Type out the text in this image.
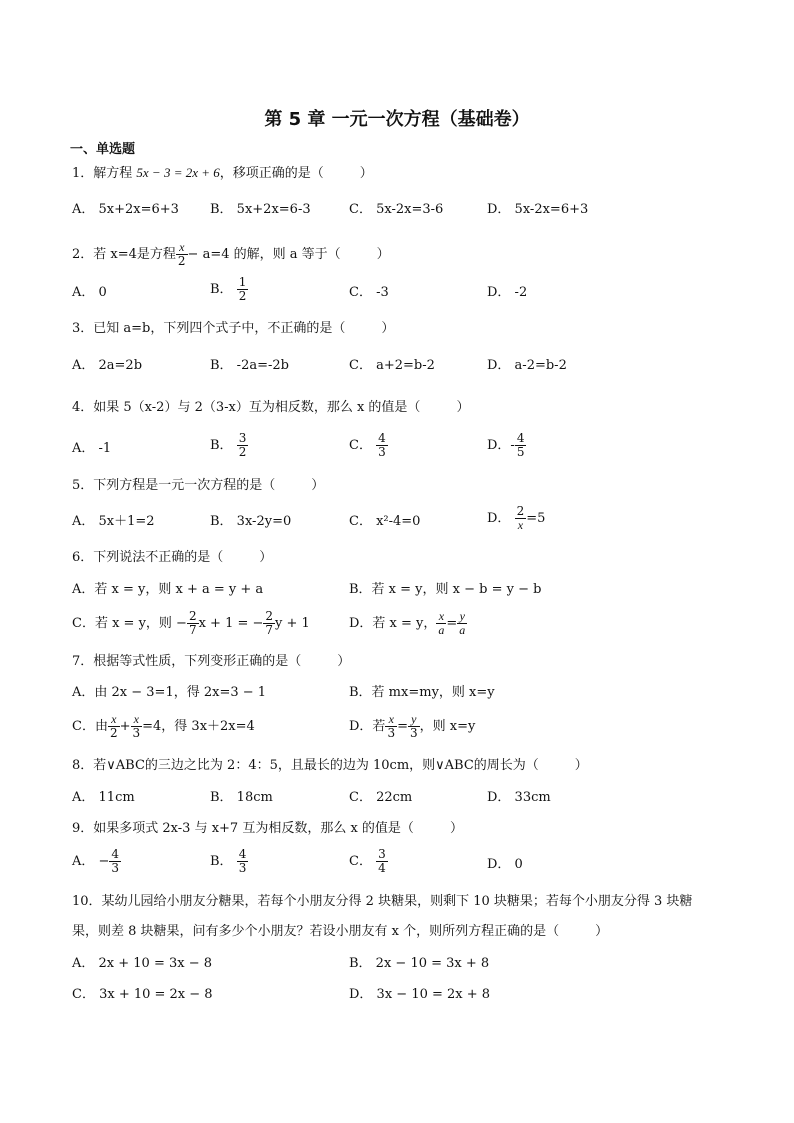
第 5 章 一元一次方程（基础卷）
一、单选题
1．解方程 5x − 3 = 2x + 6，移项正确的是（	）
A． 5x+2x=6+3 B． 5x+2x=6-3	C． 5x-2x=3-6	D． 5x-2x=6+3
2．若 x=4是方程 $\frac{x}{2} - a=4$ 的解，则 a 等于（	）
A． 0	B． $\frac{1}{2}$	C． -3	D． -2
3．已知 a=b，下列四个式子中，不正确的是（	）
A． 2a=2b	B． -2a=-2b	C． a+2=b-2	D． a-2=b-2
4．如果 5（x-2）与 2（3-x）互为相反数，那么 x 的值是（	）
A． -1	B． $\frac{3}{2}$	C． $\frac{4}{3}$	D．- $\frac{4}{5}$
5．下列方程是一元一次方程的是（	）
A． 5x＋1=2	B． 3x-2y=0	C． x²-4=0	D． $\frac{2}{x} =5$
6．下列说法不正确的是（	）
A．若 x = y，则 x + a = y + a	B．若 x = y，则 x − b = y − b
C．若 x = y，则 − $\frac{2}{7}$ x + 1 = − $\frac{2}{7}$ y + 1	D．若 x = y， $\frac{x}{a} = \frac{y}{a}$
7．根据等式性质，下列变形正确的是（	）
A．由 2x − 3=1，得 2x=3 − 1	B．若 mx=my，则 x=y
C．由 $\frac{x}{2} + \frac{x}{3} =4$，得 3x＋2x=4	D．若 $\frac{x}{3} = \frac{y}{3}$ ，则 x=y
8．若∨ABC的三边之比为 2：4：5，且最长的边为 10cm，则∨ABC的周长为（	）
A． 11cm	B． 18cm	C． 22cm	D． 33cm
9．如果多项式 2x-3 与 x+7 互为相反数，那么 x 的值是（	）
A． − $\frac{4}{3}$	B． $\frac{4}{3}$	C． $\frac{3}{4}$	D． 0
10．某幼儿园给小朋友分糖果，若每个小朋友分得 2 块糖果，则剩下 10 块糖果；若每个小朋友分得 3 块糖
果，则差 8 块糖果，问有多少个小朋友？若设小朋友有 x 个，则所列方程正确的是（	）
A． 2x + 10 = 3x − 8	B． 2x − 10 = 3x + 8
C． 3x + 10 = 2x − 8	D． 3x − 10 = 2x + 8
